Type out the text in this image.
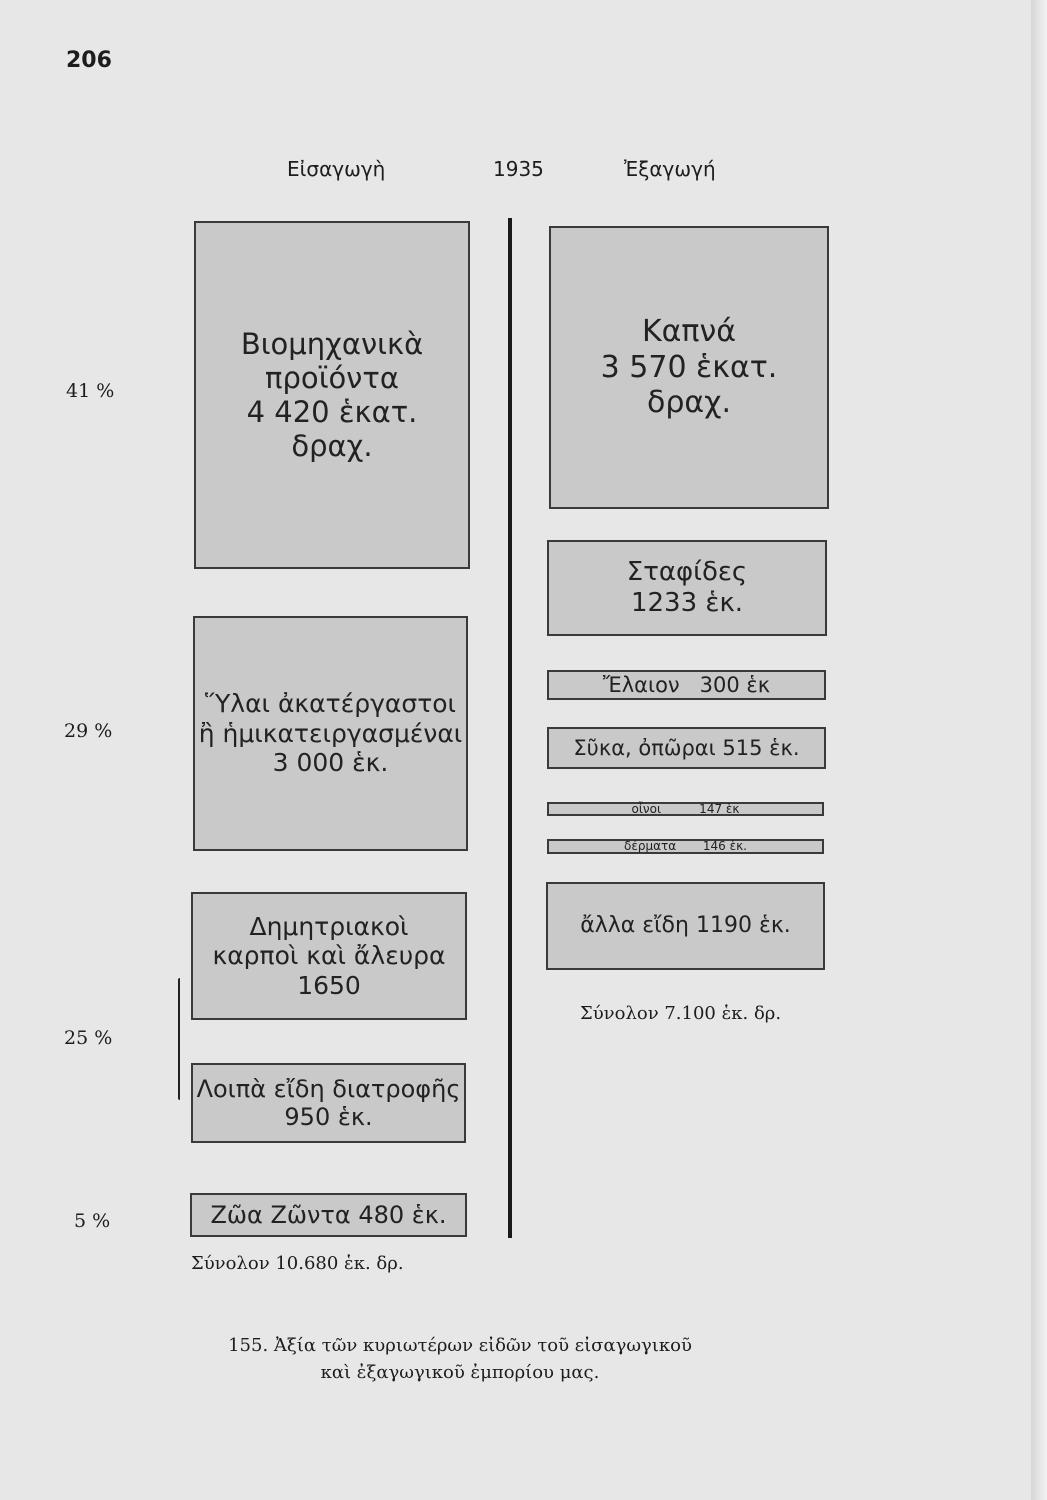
206
Εἰσαγωγὴ	1935	Ἐξαγωγή
41 %
29 %
25 %
5 %
Βιομηχανικὰ
προϊόντα
4 420 ἑκατ.
δραχ.
Ὕλαι ἀκατέργαστοι
ἢ ἡμικατειργασμέναι
3 000 ἑκ.
Δημητριακοὶ
καρποὶ καὶ ἄλευρα
1650
Λοιπὰ εἴδη διατροφῆς
950 ἑκ.
Ζῶα Ζῶντα 480 ἑκ.
Σύνολον 10.680 ἑκ. δρ.
Καπνά
3 570 ἑκατ.
δραχ.
Σταφίδες
1233 ἑκ.
Ἔλαιον   300 ἑκ
Σῦκα, ὀπῶραι 515 ἑκ.
οἶνοι          147 ἑκ
δέρματα       146 ἑκ.
ἄλλα εἴδη 1190 ἑκ.
Σύνολον 7.100 ἑκ. δρ.
155. Ἀξία τῶν κυριωτέρων εἰδῶν τοῦ εἰσαγωγικοῦ
καὶ ἐξαγωγικοῦ ἐμπορίου μας.
